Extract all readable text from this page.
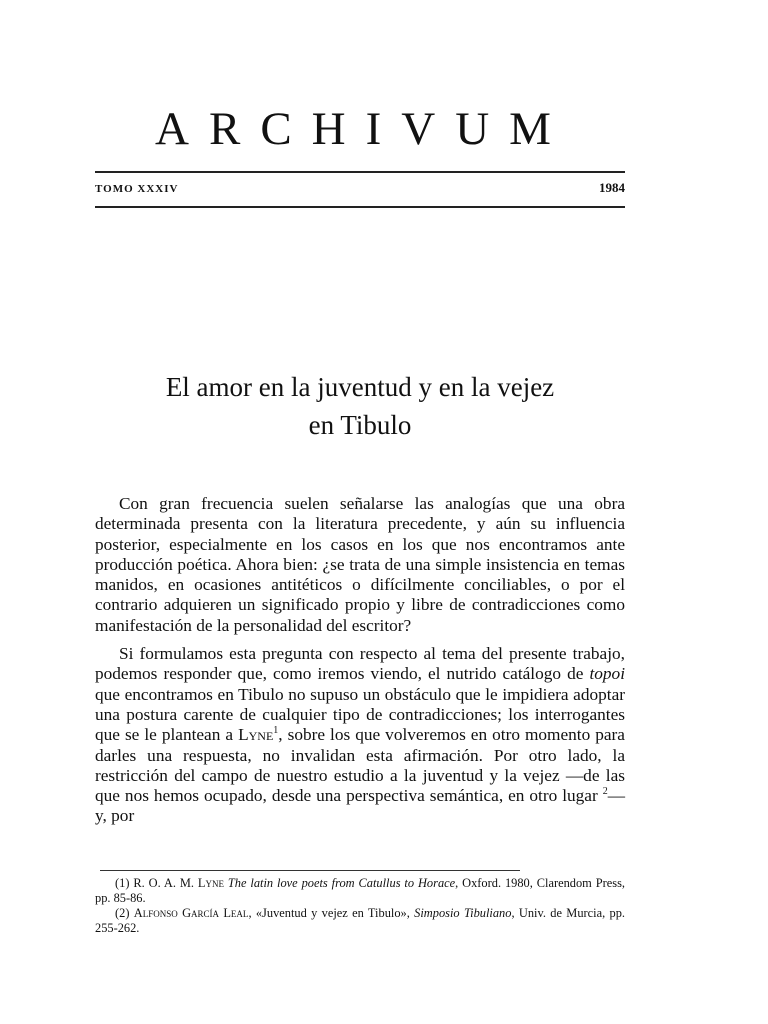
ARCHIVUM
TOMO XXXIV	1984
El amor en la juventud y en la vejez
en Tibulo

Con gran frecuencia suelen señalarse las analogías que una obra determinada presenta con la literatura precedente, y aún su influencia posterior, especialmente en los casos en los que nos encontramos ante producción poética. Ahora bien: ¿se trata de una simple insistencia en temas manidos, en ocasiones antitéticos o difícilmente conciliables, o por el contrario adquieren un significado propio y libre de contradicciones como manifestación de la personalidad del escritor?

Si formulamos esta pregunta con respecto al tema del presente trabajo, podemos responder que, como iremos viendo, el nutrido catálogo de topoi que encontramos en Tibulo no supuso un obstáculo que le impidiera adoptar una postura carente de cualquier tipo de contradicciones; los interrogantes que se le plantean a Lyne$^1$, sobre los que volveremos en otro momento para darles una respuesta, no invalidan esta afirmación. Por otro lado, la restricción del campo de nuestro estudio a la juventud y la vejez —de las que nos hemos ocupado, desde una perspectiva semántica, en otro lugar $^2$— y, por

(1) R. O. A. M. Lyne The latin love poets from Catullus to Horace, Oxford. 1980, Clarendom Press, pp. 85-86.

(2) Alfonso García Leal, «Juventud y vejez en Tibulo», Simposio Tibuliano, Univ. de Murcia, pp. 255-262.
